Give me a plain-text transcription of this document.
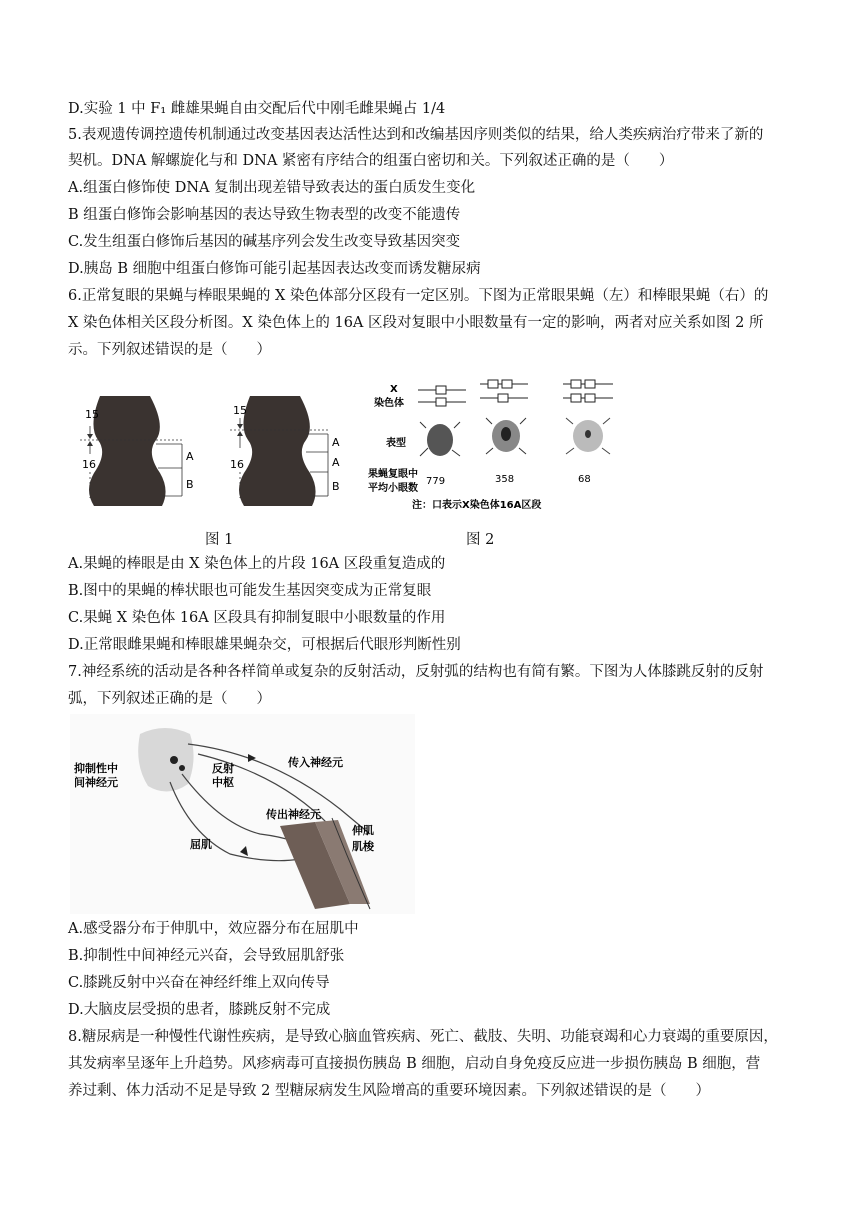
D.实验 1 中 F₁ 雌雄果蝇自由交配后代中刚毛雌果蝇占 1/4
5.表观遗传调控遗传机制通过改变基因表达活性达到和改编基因序则类似的结果，给人类疾病治疗带来了新的
契机。DNA 解螺旋化与和 DNA 紧密有序结合的组蛋白密切和关。下列叙述正确的是（　　）
A.组蛋白修饰使 DNA 复制出现差错导致表达的蛋白质发生变化
B 组蛋白修饰会影响基因的表达导致生物表型的改变不能遗传
C.发生组蛋白修饰后基因的碱基序列会发生改变导致基因突变
D.胰岛 B 细胞中组蛋白修饰可能引起基因表达改变而诱发糖尿病
6.正常复眼的果蝇与棒眼果蝇的 X 染色体部分区段有一定区别。下图为正常眼果蝇（左）和棒眼果蝇（右）的
X 染色体相关区段分析图。X 染色体上的 16A 区段对复眼中小眼数量有一定的影响，两者对应关系如图 2 所
示。下列叙述错误的是（　　）
15
16
A
B
15
16
A
A
B
X
染色体
表型
果蝇复眼中
平均小眼数
779	358	68
注：口表示X染色体16A区段
图 1	图 2
A.果蝇的棒眼是由 X 染色体上的片段 16A 区段重复造成的
B.图中的果蝇的棒状眼也可能发生基因突变成为正常复眼
C.果蝇 X 染色体 16A 区段具有抑制复眼中小眼数量的作用
D.正常眼雌果蝇和棒眼雄果蝇杂交，可根据后代眼形判断性别
7.神经系统的活动是各种各样简单或复杂的反射活动，反射弧的结构也有简有繁。下图为人体膝跳反射的反射
弧，下列叙述正确的是（　　）
抑制性中
间神经元
反射
中枢
传入神经元
传出神经元
伸肌
肌梭
屈肌
A.感受器分布于伸肌中，效应器分布在屈肌中
B.抑制性中间神经元兴奋，会导致屈肌舒张
C.膝跳反射中兴奋在神经纤维上双向传导
D.大脑皮层受损的患者，膝跳反射不完成
8.糖尿病是一种慢性代谢性疾病，是导致心脑血管疾病、死亡、截肢、失明、功能衰竭和心力衰竭的重要原因，
其发病率呈逐年上升趋势。风疹病毒可直接损伤胰岛 B 细胞，启动自身免疫反应进一步损伤胰岛 B 细胞，营
养过剩、体力活动不足是导致 2 型糖尿病发生风险增高的重要环境因素。下列叙述错误的是（　　）
